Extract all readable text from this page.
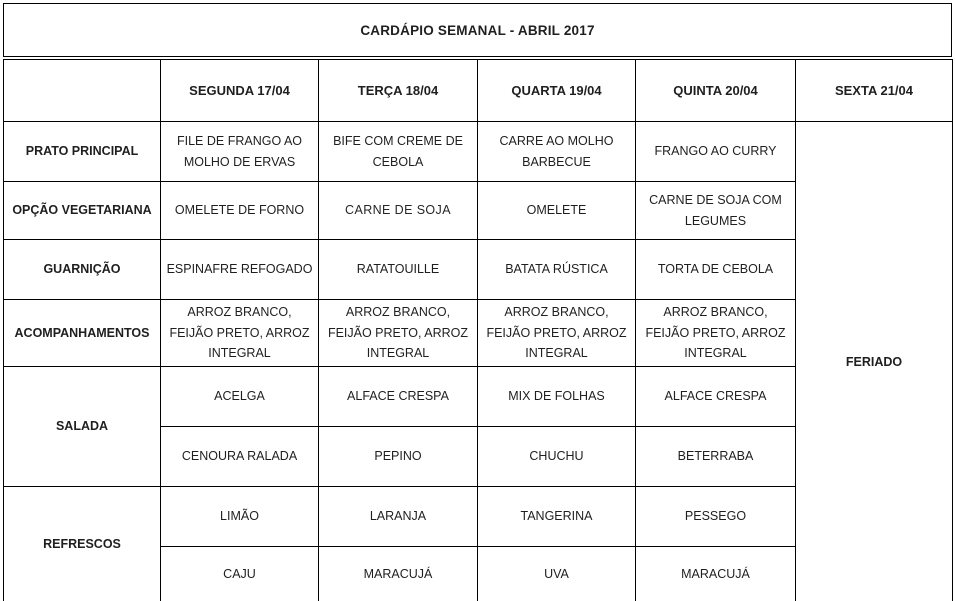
CARDÁPIO SEMANAL - ABRIL 2017
	SEGUNDA 17/04	TERÇA 18/04	QUARTA 19/04	QUINTA 20/04	SEXTA 21/04
PRATO PRINCIPAL	FILE DE FRANGO AO MOLHO DE ERVAS	BIFE COM CREME DE CEBOLA	CARRE AO MOLHO BARBECUE	FRANGO AO CURRY	FERIADO
OPÇÃO VEGETARIANA	OMELETE DE FORNO	CARNE DE SOJA	OMELETE	CARNE DE SOJA COM LEGUMES	
GUARNIÇÃO	ESPINAFRE REFOGADO	RATATOUILLE	BATATA RÚSTICA	TORTA DE CEBOLA	
ACOMPANHAMENTOS	ARROZ BRANCO, FEIJÃO PRETO, ARROZ INTEGRAL	ARROZ BRANCO, FEIJÃO PRETO, ARROZ INTEGRAL	ARROZ BRANCO, FEIJÃO PRETO, ARROZ INTEGRAL	ARROZ BRANCO, FEIJÃO PRETO, ARROZ INTEGRAL	
SALADA	ACELGA	ALFACE CRESPA	MIX DE FOLHAS	ALFACE CRESPA	
	CENOURA RALADA	PEPINO	CHUCHU	BETERRABA	
REFRESCOS	LIMÃO	LARANJA	TANGERINA	PESSEGO	
	CAJU	MARACUJÁ	UVA	MARACUJÁ	
